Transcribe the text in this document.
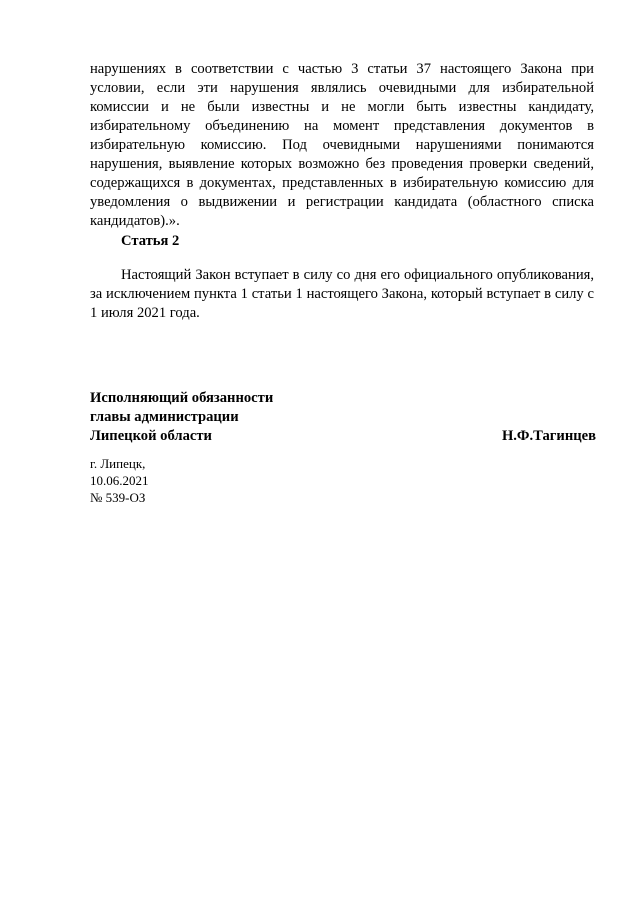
нарушениях в соответствии с частью 3 статьи 37 настоящего Закона при условии, если эти нарушения являлись очевидными для избирательной комиссии и не были известны и не могли быть известны кандидату, избирательному объединению на момент представления документов в избирательную комиссию. Под очевидными нарушениями понимаются нарушения, выявление которых возможно без проведения проверки сведений, содержащихся в документах, представленных в избирательную комиссию для уведомления о выдвижении и регистрации кандидата (областного списка кандидатов).».

Статья 2

Настоящий Закон вступает в силу со дня его официального опубликования, за исключением пункта 1 статьи 1 настоящего Закона, который вступает в силу с 1 июля 2021 года.

Исполняющий обязанности
главы администрации
Липецкой области	Н.Ф.Тагинцев
г. Липецк,
10.06.2021
№ 539-ОЗ
